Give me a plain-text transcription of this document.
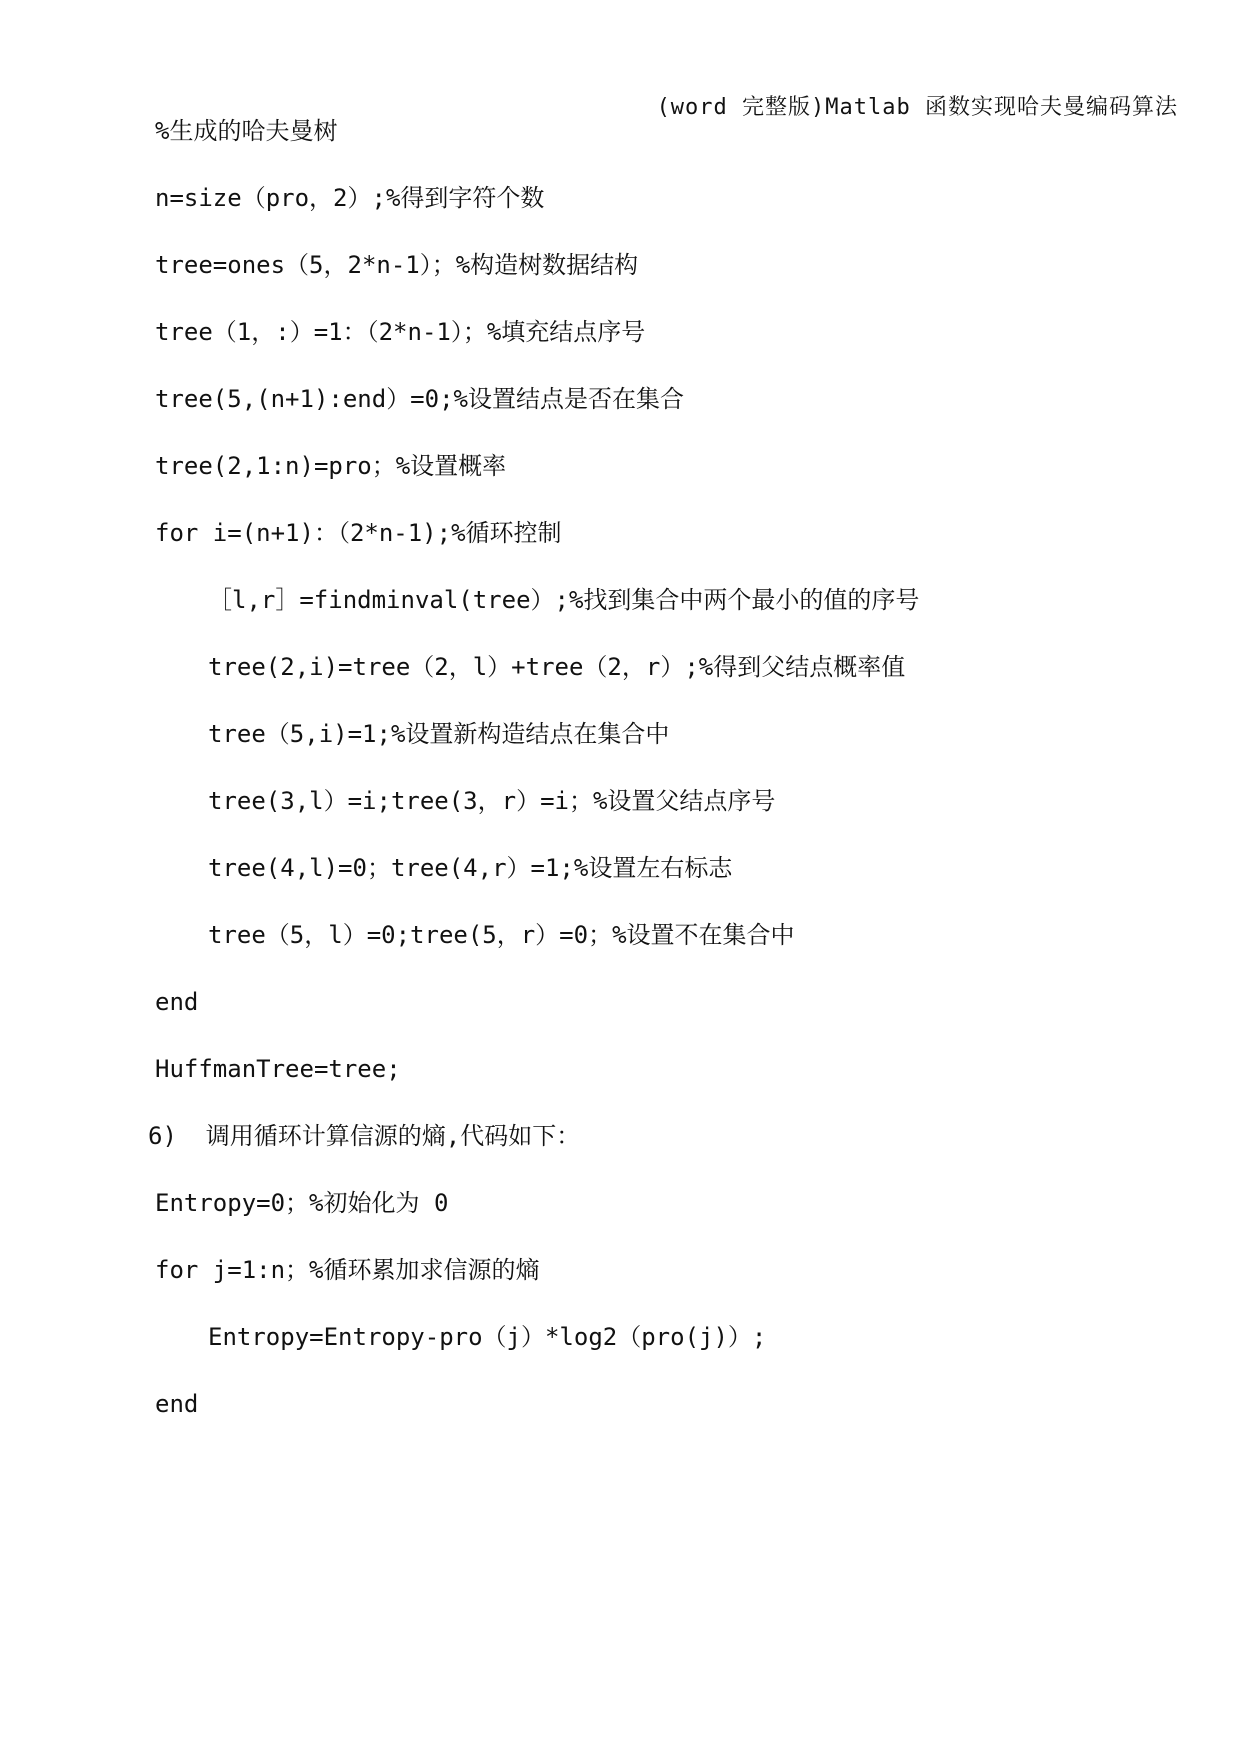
(word 完整版)Matlab 函数实现哈夫曼编码算法
%生成的哈夫曼树
n=size（pro，2）;%得到字符个数
tree=ones（5，2*n-1）；%构造树数据结构
tree（1，:）=1：（2*n-1）；%填充结点序号
tree(5,(n+1):end）=0;%设置结点是否在集合
tree(2,1:n)=pro；%设置概率
for i=(n+1)：（2*n-1);%循环控制
［l,r］=findminval(tree）;%找到集合中两个最小的值的序号
tree(2,i)=tree（2，l）+tree（2，r）;%得到父结点概率值
tree（5,i)=1;%设置新构造结点在集合中
tree(3,l）=i;tree(3，r）=i；%设置父结点序号
tree(4,l)=0；tree(4,r）=1;%设置左右标志
tree（5，l）=0;tree(5，r）=0；%设置不在集合中
end
HuffmanTree=tree;
6)  调用循环计算信源的熵,代码如下：
Entropy=0；%初始化为 0
for j=1:n；%循环累加求信源的熵
Entropy=Entropy-pro（j）*log2（pro(j)）;
end
